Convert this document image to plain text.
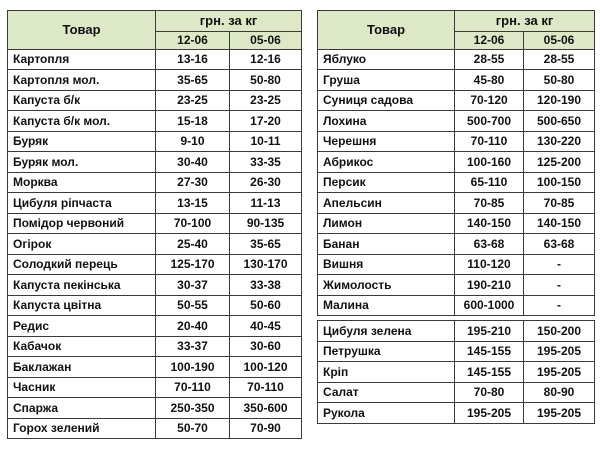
Товар	грн. за кг	
	12-06	05-06
Картопля	13-16	12-16
Картопля мол.	35-65	50-80
Капуста б/к	23-25	23-25
Капуста б/к мол.	15-18	17-20
Буряк	9-10	10-11
Буряк мол.	30-40	33-35
Морква	27-30	26-30
Цибуля ріпчаста	13-15	11-13
Помідор червоний	70-100	90-135
Огірок	25-40	35-65
Солодкий перець	125-170	130-170
Капуста пекінська	30-37	33-38
Капуста цвітна	50-55	50-60
Редис	20-40	40-45
Кабачок	33-37	30-60
Баклажан	100-190	100-120
Часник	70-110	70-110
Спаржа	250-350	350-600
Горох зелений	50-70	70-90
Товар	грн. за кг	
	12-06	05-06
Яблуко	28-55	28-55
Груша	45-80	50-80
Суниця садова	70-120	120-190
Лохина	500-700	500-650
Черешня	70-110	130-220
Абрикос	100-160	125-200
Персик	65-110	100-150
Апельсин	70-85	70-85
Лимон	140-150	140-150
Банан	63-68	63-68
Вишня	110-120	-
Жимолость	190-210	-
Малина	600-1000	-
Цибуля зелена	195-210	150-200
Петрушка	145-155	195-205
Кріп	145-155	195-205
Салат	70-80	80-90
Рукола	195-205	195-205
